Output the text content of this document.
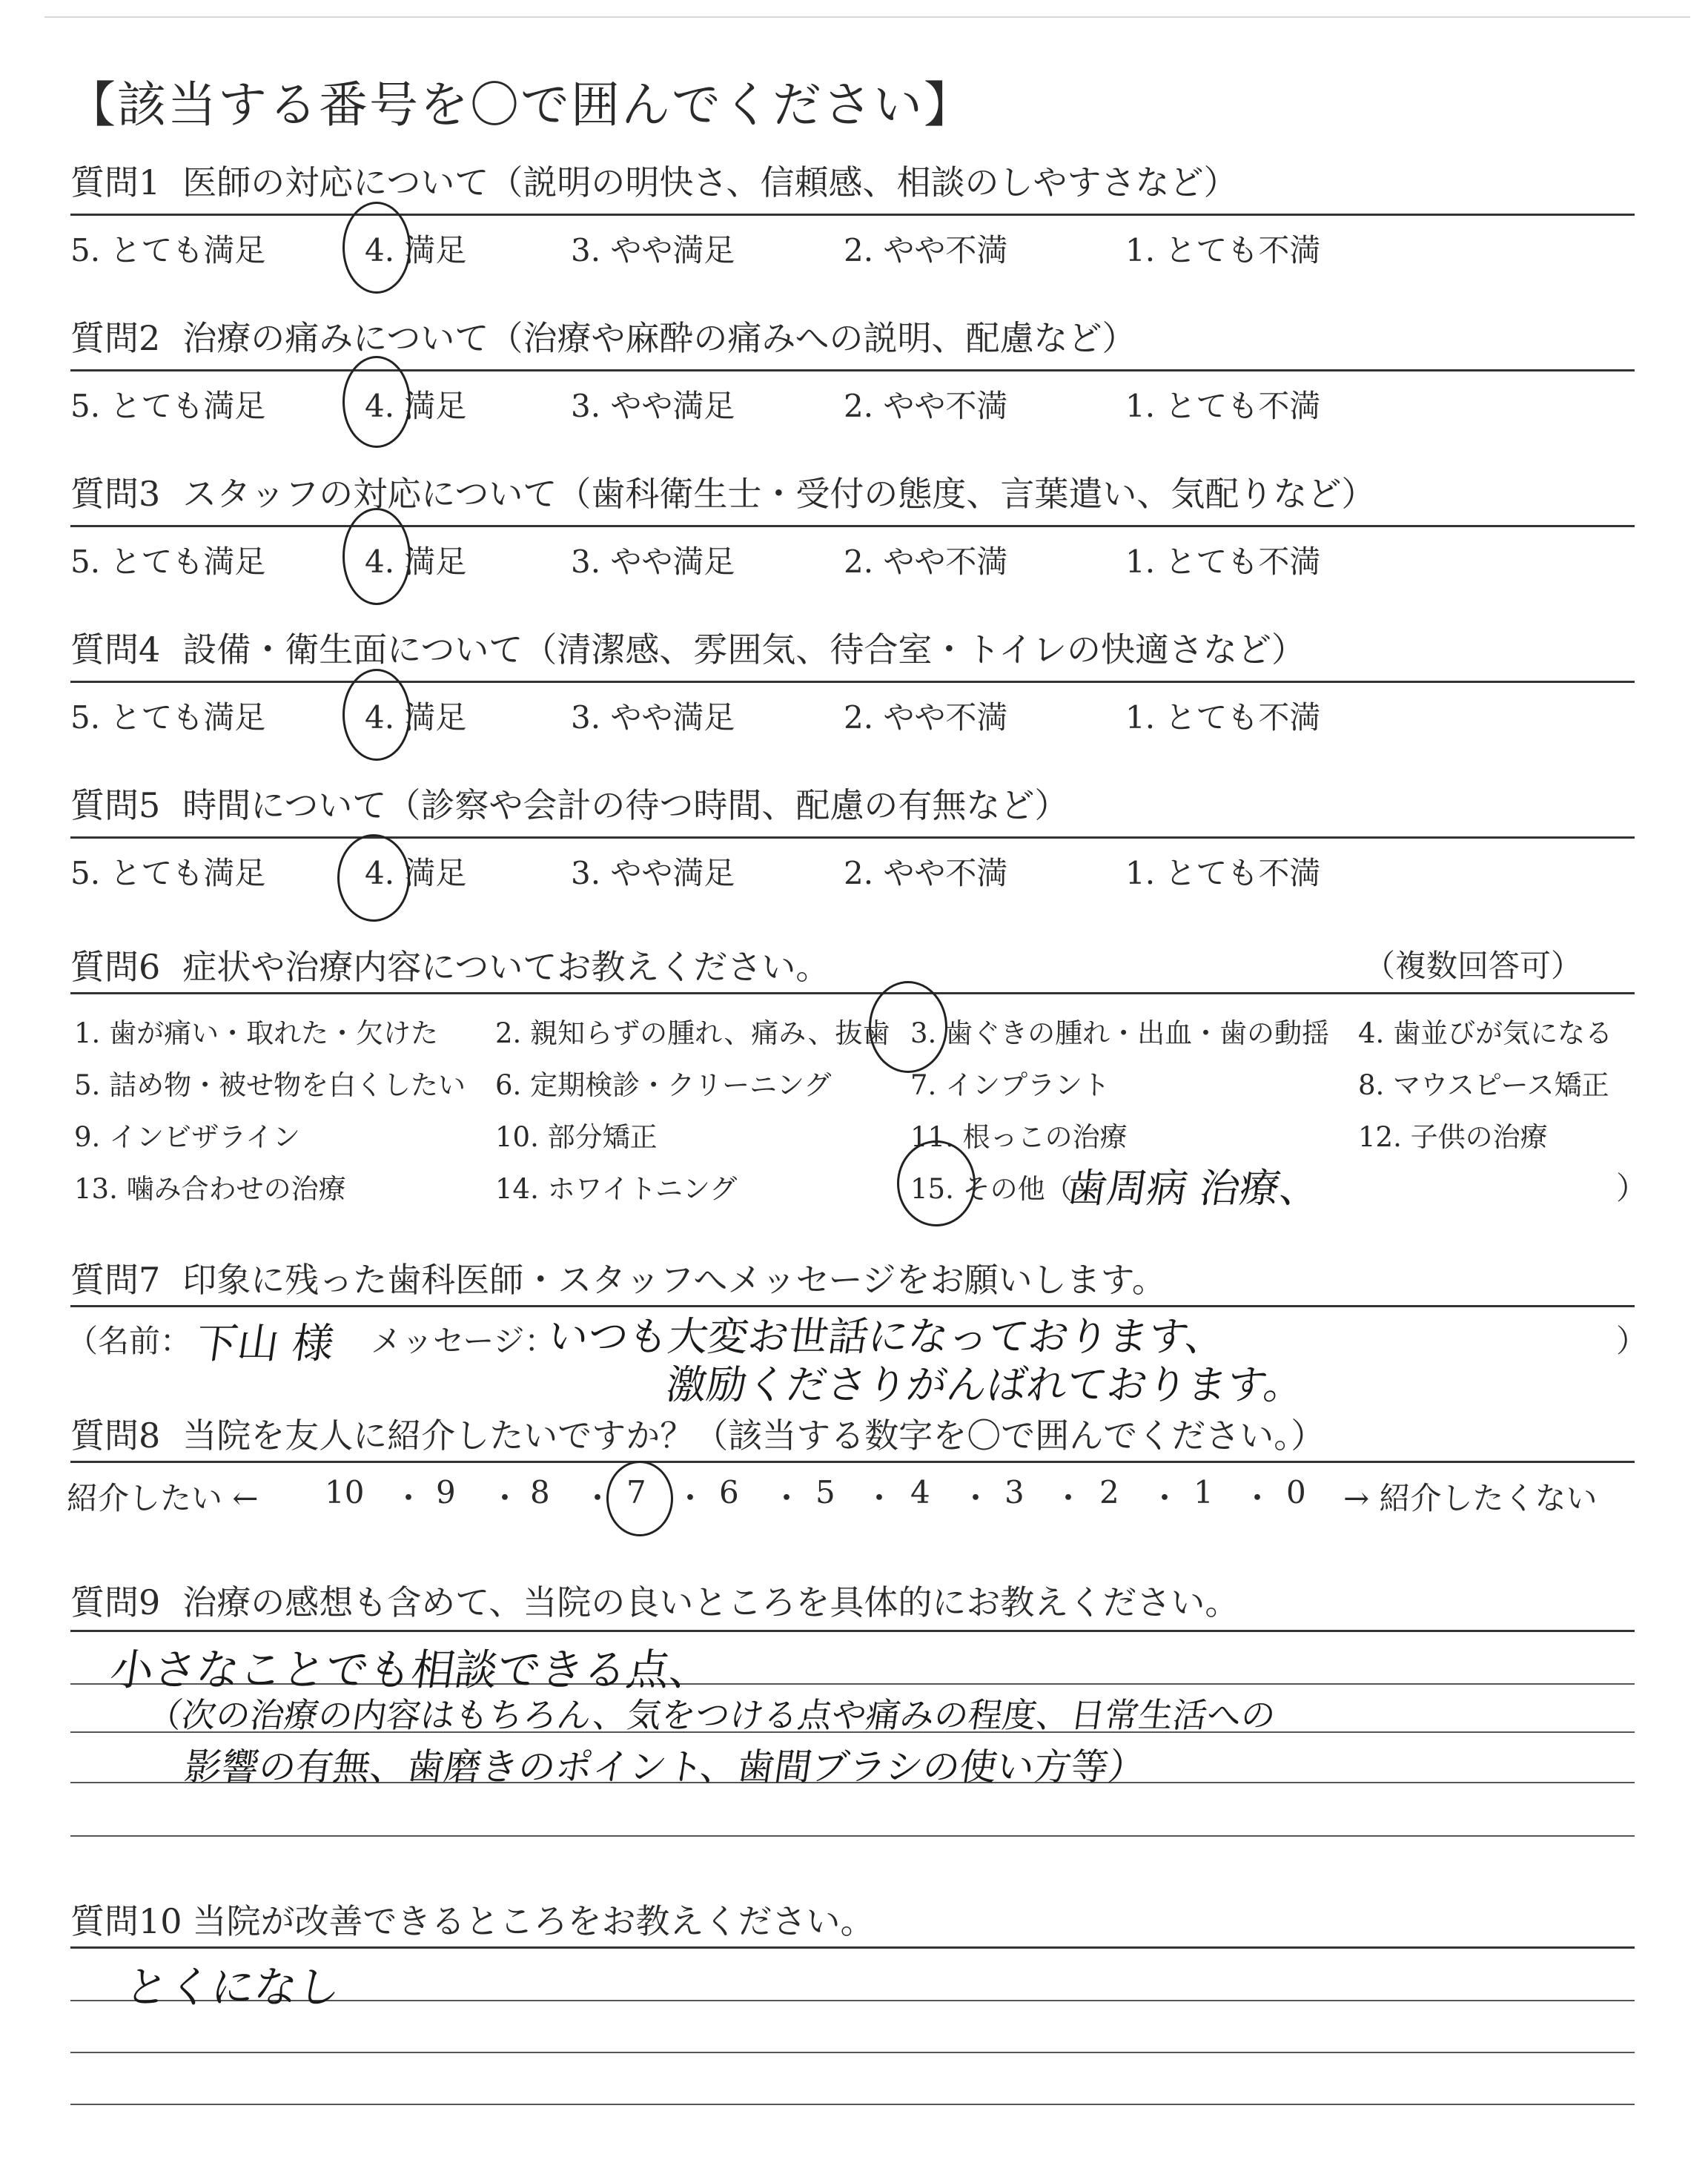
【該当する番号を〇で囲んでください】
質問1 医師の対応について（説明の明快さ、信頼感、相談のしやすさなど）
5. とても満足	4. 満足	3. やや満足	2. やや不満	1. とても不満
質問2 治療の痛みについて（治療や麻酔の痛みへの説明、配慮など）
5. とても満足	4. 満足	3. やや満足	2. やや不満	1. とても不満
質問3 スタッフの対応について（歯科衛生士・受付の態度、言葉遣い、気配りなど）
5. とても満足	4. 満足	3. やや満足	2. やや不満	1. とても不満
質問4 設備・衛生面について（清潔感、雰囲気、待合室・トイレの快適さなど）
5. とても満足	4. 満足	3. やや満足	2. やや不満	1. とても不満
質問5 時間について（診察や会計の待つ時間、配慮の有無など）
5. とても満足	4. 満足	3. やや満足	2. やや不満	1. とても不満
質問6 症状や治療内容についてお教えください。	（複数回答可）
1. 歯が痛い・取れた・欠けた 2. 親知らずの腫れ、痛み、抜歯 3. 歯ぐきの腫れ・出血・歯の動揺 4. 歯並びが気になる
5. 詰め物・被せ物を白くしたい 6. 定期検診・クリーニング	7. インプラント	8. マウスピース矯正
9. インビザライン	10. 部分矯正	11. 根っこの治療	12. 子供の治療
13. 噛み合わせの治療	14. ホワイトニング	15. その他（
歯周病 治療、	）
質問7 印象に残った歯科医師・スタッフへメッセージをお願いします。
（名前： 下山 様 メッセージ：
いつも大変お世話になっております、
激励くださりがんばれております。
）
質問8 当院を友人に紹介したいですか？（該当する数字を〇で囲んでください。）
紹介したい ← 10 ・ 9 ・ 8 ・ 7 ・ 6 ・ 5 ・ 4 ・ 3 ・ 2 ・ 1 ・ 0 → 紹介したくない
質問9 治療の感想も含めて、当院の良いところを具体的にお教えください。
小さなことでも相談できる点、
（次の治療の内容はもちろん、気をつける点や痛みの程度、日常生活への
影響の有無、歯磨きのポイント、歯間ブラシの使い方等）
質問10 当院が改善できるところをお教えください。
とくになし
